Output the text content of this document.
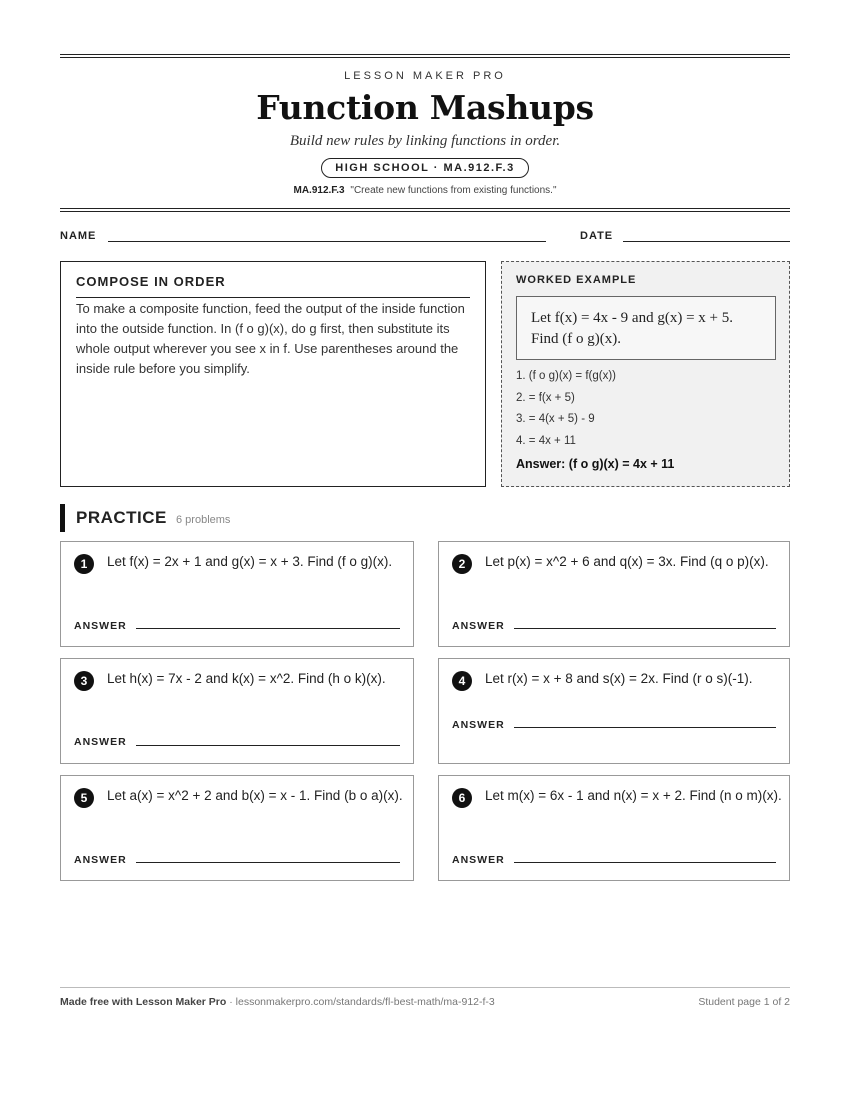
LESSON MAKER PRO
Function Mashups
Build new rules by linking functions in order.
HIGH SCHOOL · MA.912.F.3
MA.912.F.3 "Create new functions from existing functions."
NAME	DATE
COMPOSE IN ORDER

To make a composite function, feed the output of the inside function into the outside function. In (f o g)(x), do g first, then substitute its whole output wherever you see x in f. Use parentheses around the inside rule before you simplify.

WORKED EXAMPLE
Let f(x) = 4x - 9 and g(x) = x + 5.
Find (f o g)(x).
1. (f o g)(x) = f(g(x))
2. = f(x + 5)
3. = 4(x + 5) - 9
4. = 4x + 11
Answer: (f o g)(x) = 4x + 11
PRACTICE 6 problems
1	Let f(x) = 2x + 1 and g(x) = x + 3. Find (f o g)(x).
ANSWER
2	Let p(x) = x^2 + 6 and q(x) = 3x. Find (q o p)(x).
ANSWER
3	Let h(x) = 7x - 2 and k(x) = x^2. Find (h o k)(x).
ANSWER
4	Let r(x) = x + 8 and s(x) = 2x. Find (r o s)(-1).
ANSWER
5	Let a(x) = x^2 + 2 and b(x) = x - 1. Find (b o a)(x).
ANSWER
6	Let m(x) = 6x - 1 and n(x) = x + 2. Find (n o m)(x).
ANSWER
Made free with Lesson Maker Pro · lessonmakerpro.com/standards/fl-best-math/ma-912-f-3	Student page 1 of 2
